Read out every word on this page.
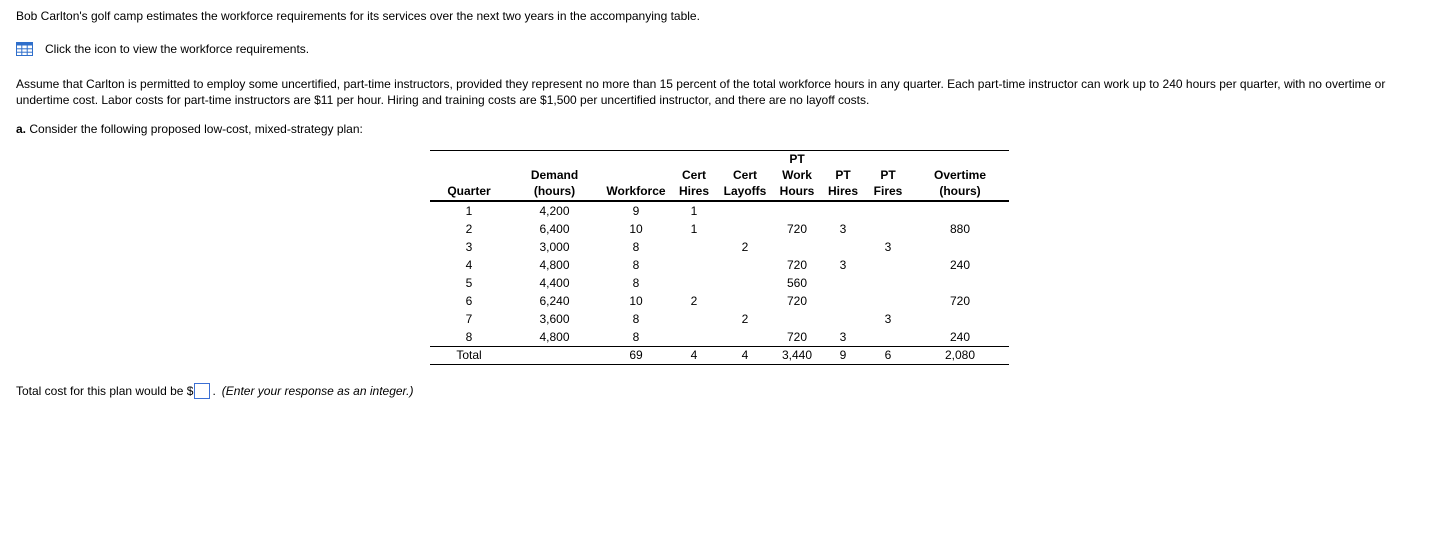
Bob Carlton's golf camp estimates the workforce requirements for its services over the next two years in the accompanying table.

Click the icon to view the workforce requirements.

Assume that Carlton is permitted to employ some uncertified, part-time instructors, provided they represent no more than 15 percent of the total workforce hours in any quarter. Each part-time instructor can work up to 240 hours per quarter, with no overtime or undertime cost. Labor costs for part-time instructors are $11 per hour. Hiring and training costs are $1,500 per uncertified instructor, and there are no layoff costs.

a. Consider the following proposed low-cost, mixed-strategy plan:

					PT			
	Demand		Cert	Cert	Work	PT	PT	Overtime
Quarter	(hours)	Workforce	Hires	Layoffs	Hours	Hires	Fires	(hours)
1	4,200	9	1					
2	6,400	10	1		720	3		880
3	3,000	8		2			3	
4	4,800	8			720	3		240
5	4,400	8			560			
6	6,240	10	2		720			720
7	3,600	8		2			3	
8	4,800	8			720	3		240
Total		69	4	4	3,440	9	6	2,080
Total cost for this plan would be $ . (Enter your response as an integer.)
